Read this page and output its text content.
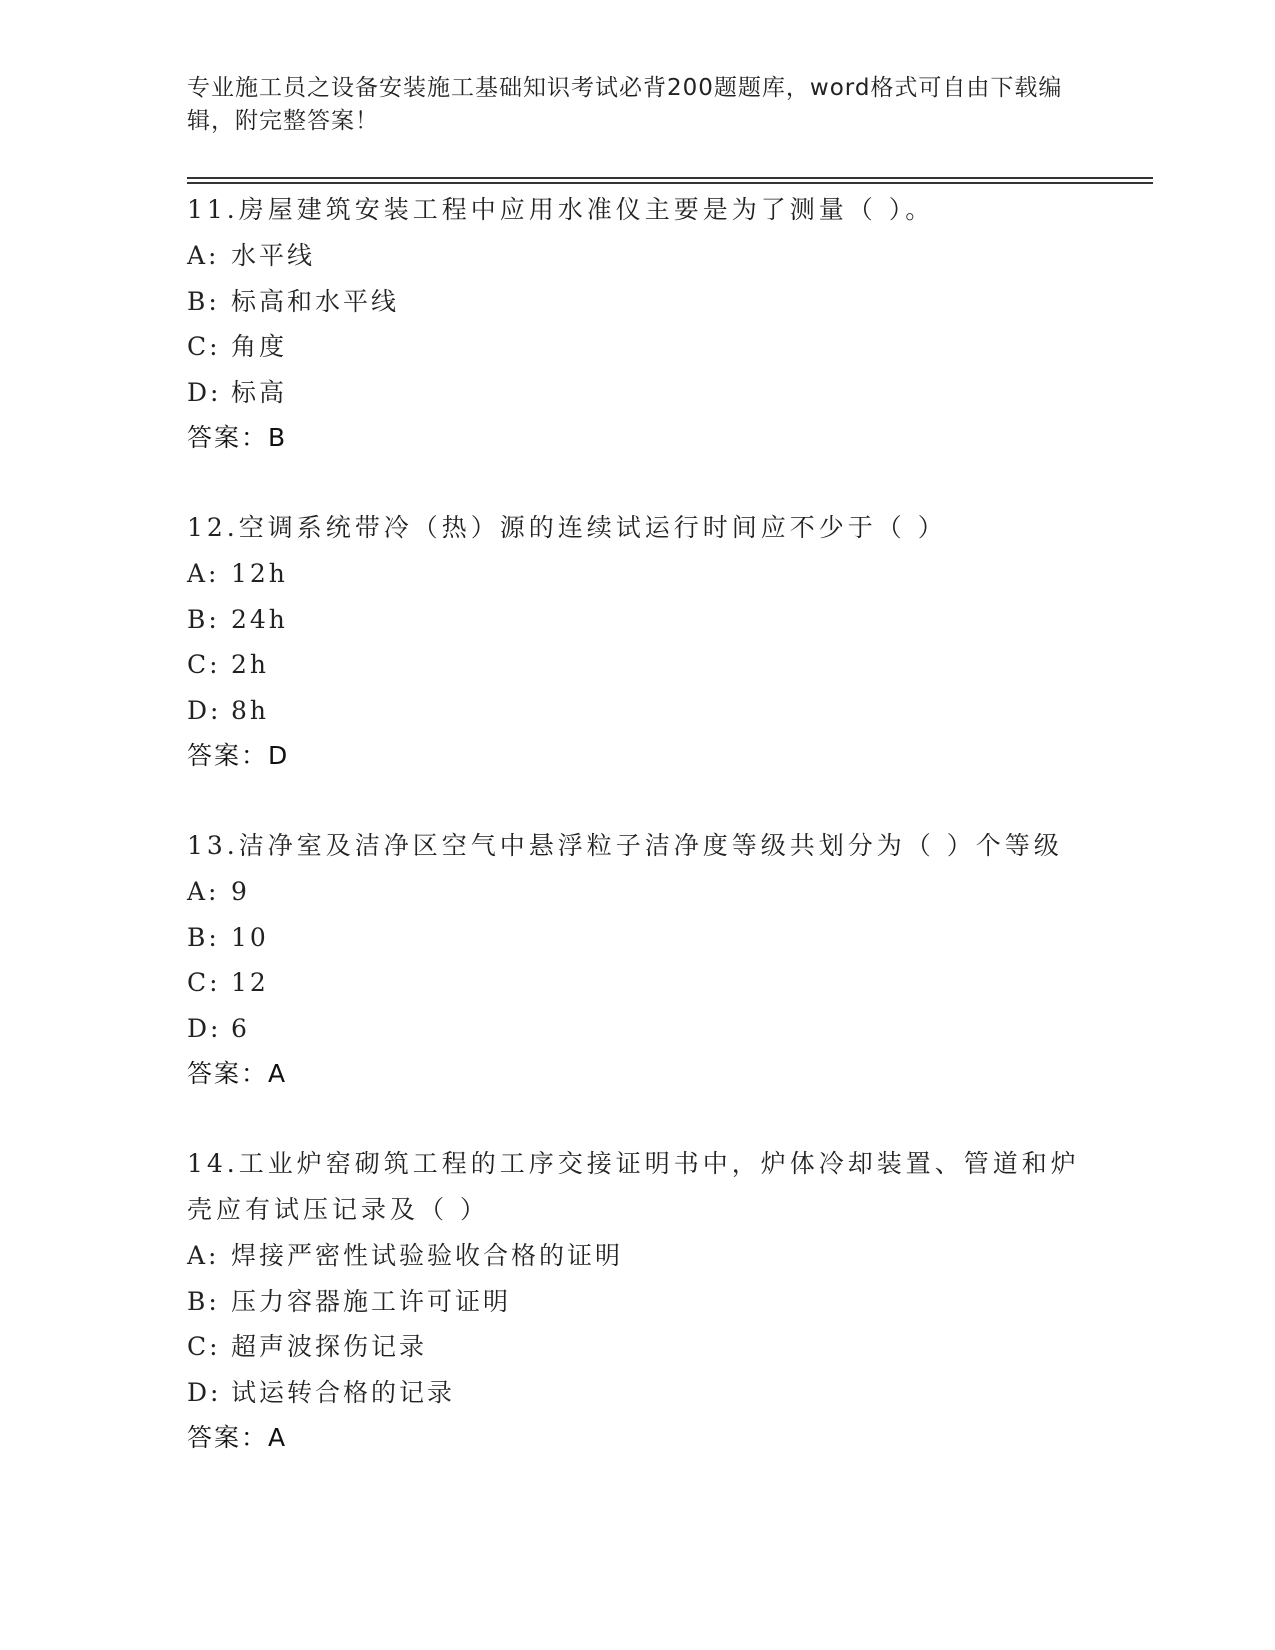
专业施工员之设备安装施工基础知识考试必背200题题库，word格式可自由下载编辑，附完整答案！
11.房屋建筑安装工程中应用水准仪主要是为了测量（ ）。
A: 水平线
B: 标高和水平线
C: 角度
D: 标高
答案：B
12.空调系统带冷（热）源的连续试运行时间应不少于（ ）
A: 12h
B: 24h
C: 2h
D: 8h
答案：D
13.洁净室及洁净区空气中悬浮粒子洁净度等级共划分为（ ）个等级
A: 9
B: 10
C: 12
D: 6
答案：A
14.工业炉窑砌筑工程的工序交接证明书中，炉体冷却装置、管道和炉壳应有试压记录及（ ）
A: 焊接严密性试验验收合格的证明
B: 压力容器施工许可证明
C: 超声波探伤记录
D: 试运转合格的记录
答案：A
